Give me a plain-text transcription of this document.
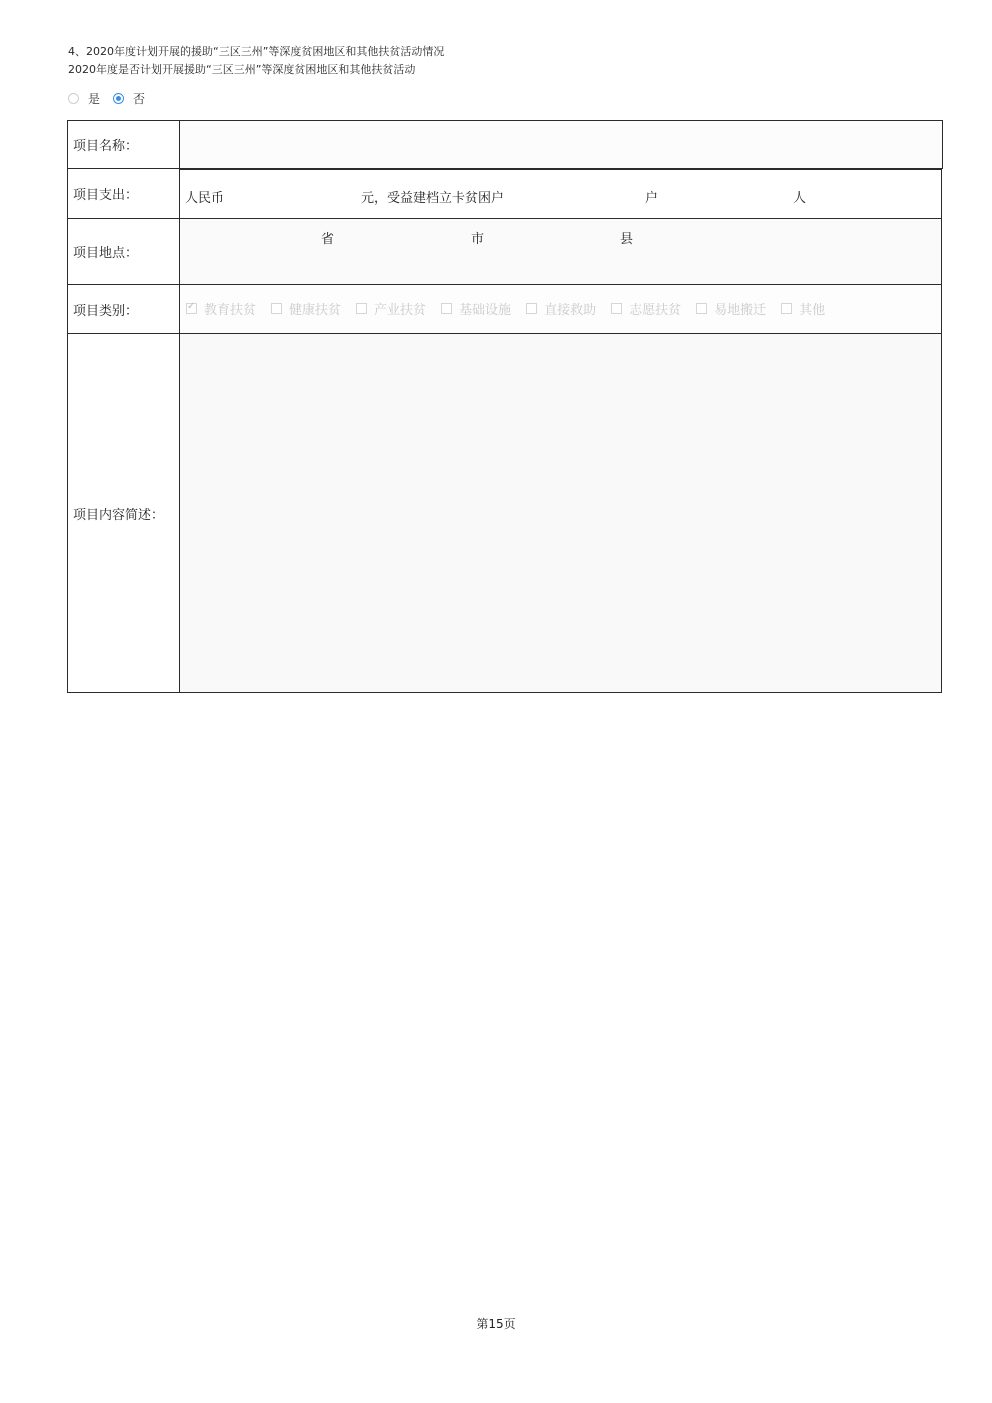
4、2020年度计划开展的援助“三区三州”等深度贫困地区和其他扶贫活动情况
2020年度是否计划开展援助“三区三州”等深度贫困地区和其他扶贫活动
是	否
项目名称：
项目支出：	人民币	元，受益建档立卡贫困户	户	人
项目地点：
省	市	县
项目类别：
✓	教育扶贫	健康扶贫	产业扶贫	基础设施	直接救助	志愿扶贫	易地搬迁	其他
项目内容简述：
第15页
